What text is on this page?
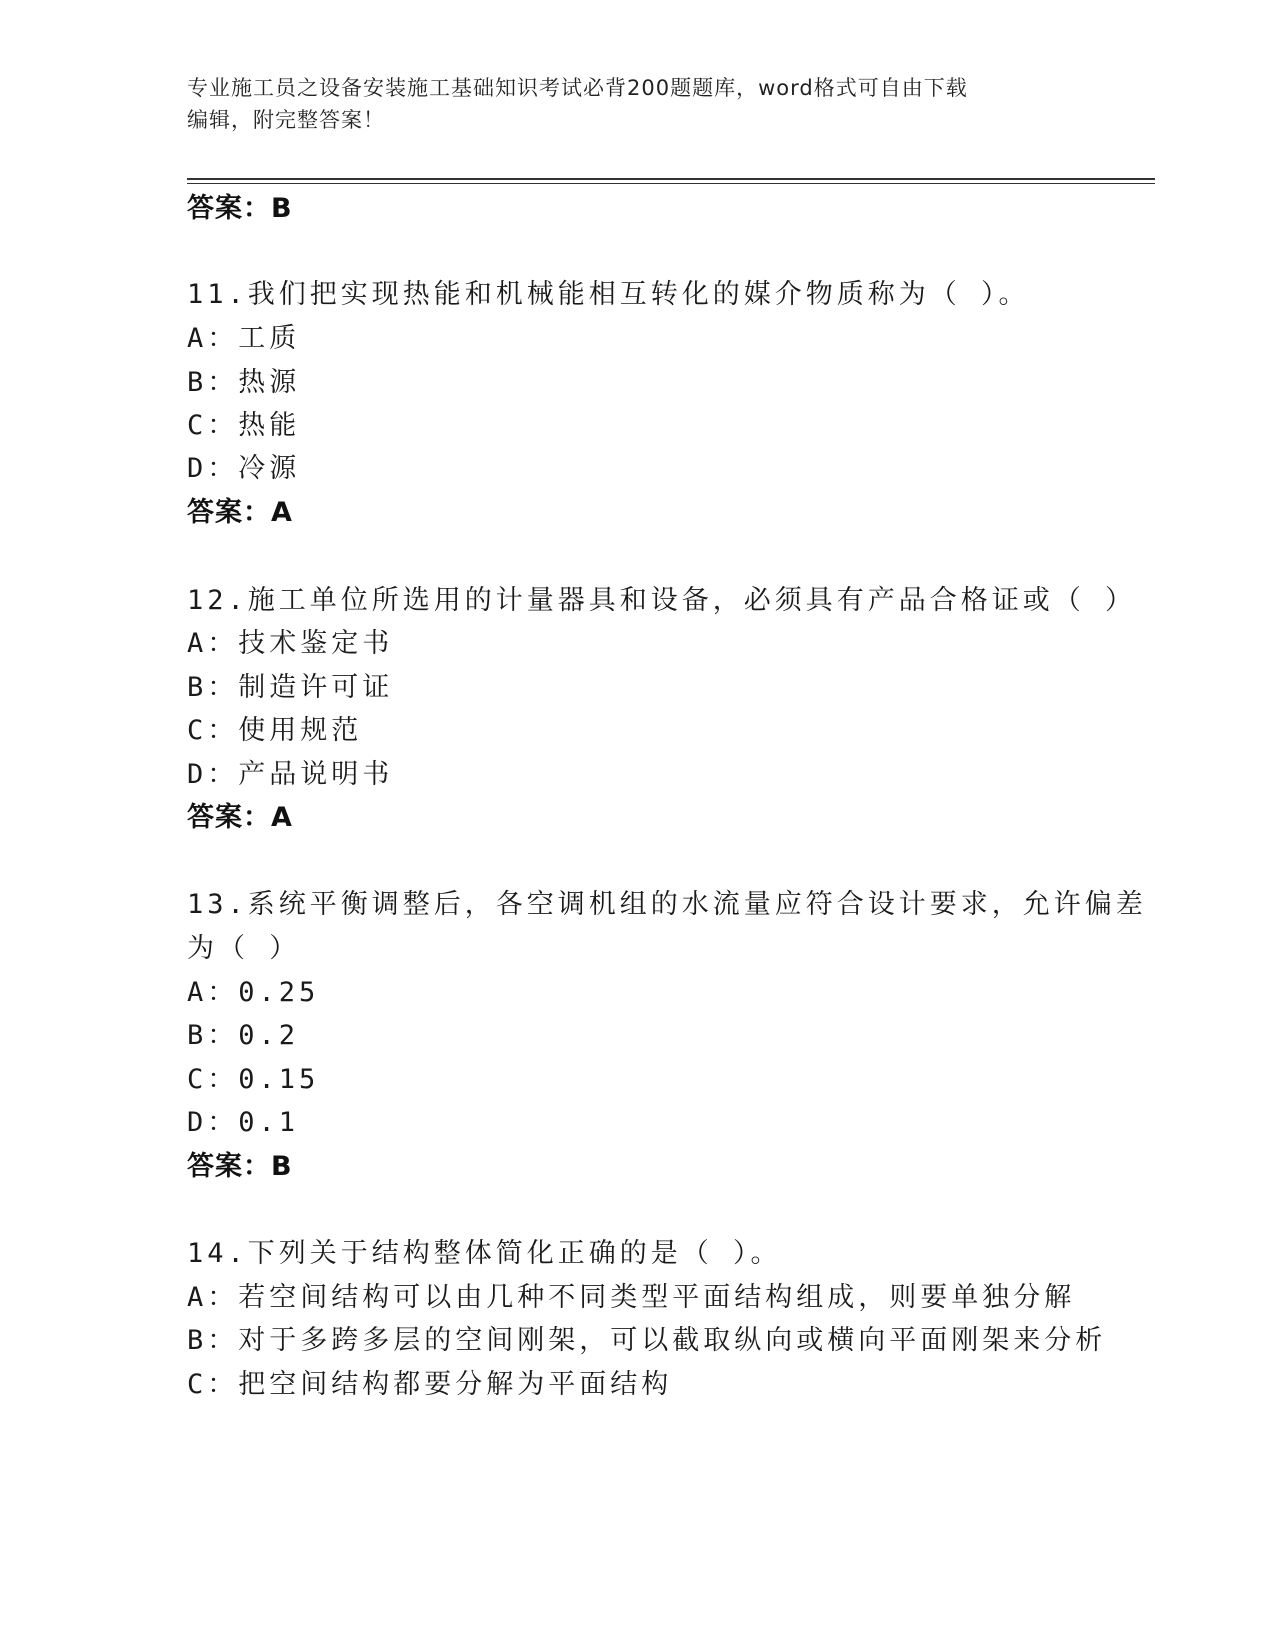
专业施工员之设备安装施工基础知识考试必背200题题库，word格式可自由下载
编辑，附完整答案！
答案：B
11.我们把实现热能和机械能相互转化的媒介物质称为（ ）。
A：工质
B：热源
C：热能
D：冷源
答案：A
12.施工单位所选用的计量器具和设备，必须具有产品合格证或（ ）
A：技术鉴定书
B：制造许可证
C：使用规范
D：产品说明书
答案：A
13.系统平衡调整后，各空调机组的水流量应符合设计要求，允许偏差
为（ ）
A：0.25
B：0.2
C：0.15
D：0.1
答案：B
14.下列关于结构整体简化正确的是（ ）。
A：若空间结构可以由几种不同类型平面结构组成，则要单独分解
B：对于多跨多层的空间刚架，可以截取纵向或横向平面刚架来分析
C：把空间结构都要分解为平面结构
